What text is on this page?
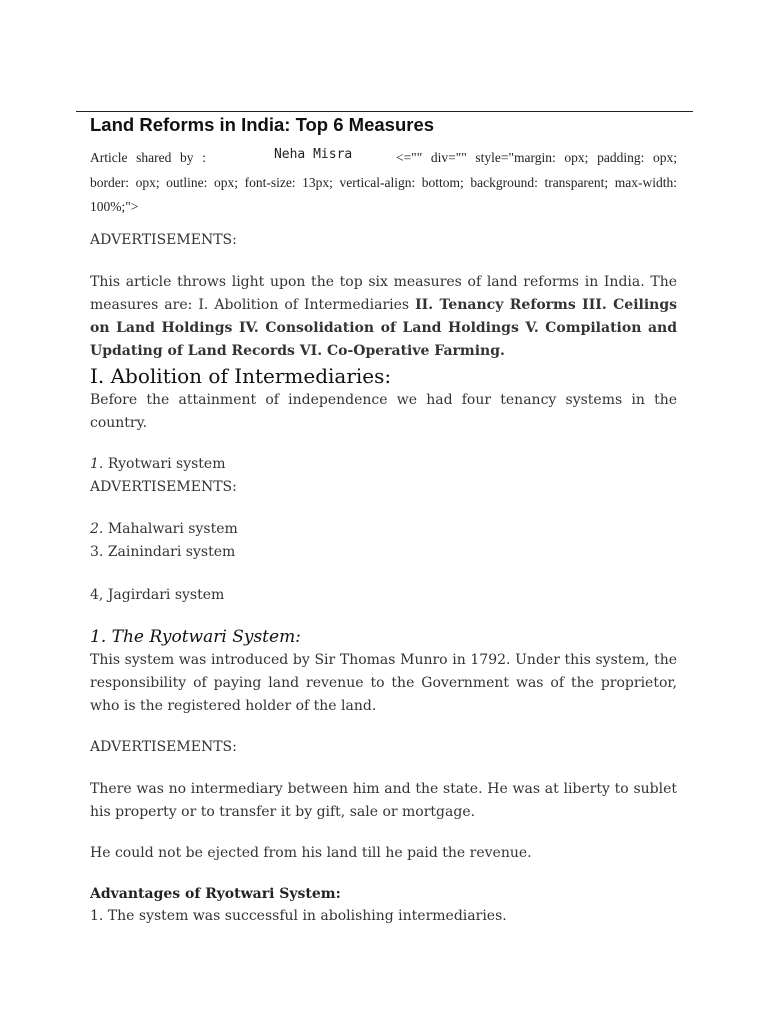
Land Reforms in India: Top 6 Measures
Article shared by :	Neha Misra	<="" div="" style="margin: opx; padding: opx; border: opx; outline: opx; font-size: 13px; vertical-align: bottom; background: transparent; max-width: 100%;">

ADVERTISEMENTS:

This article throws light upon the top six measures of land reforms in India. The measures are: I. Abolition of Intermediaries II. Tenancy Reforms III. Ceilings on Land Holdings IV. Consolidation of Land Holdings V. Compilation and Updating of Land Records VI. Co-Operative Farming.

I. Abolition of Intermediaries:

Before the attainment of independence we had four tenancy systems in the country.

1. Ryotwari system

ADVERTISEMENTS:

2. Mahalwari system
3. Zainindari system
4, Jagirdari system
1. The Ryotwari System:

This system was introduced by Sir Thomas Munro in 1792. Under this system, the responsibility of paying land revenue to the Government was of the proprietor, who is the registered holder of the land.

ADVERTISEMENTS:

There was no intermediary between him and the state. He was at liberty to sublet his property or to transfer it by gift, sale or mortgage.

He could not be ejected from his land till he paid the revenue.

Advantages of Ryotwari System:

1. The system was successful in abolishing intermediaries.
